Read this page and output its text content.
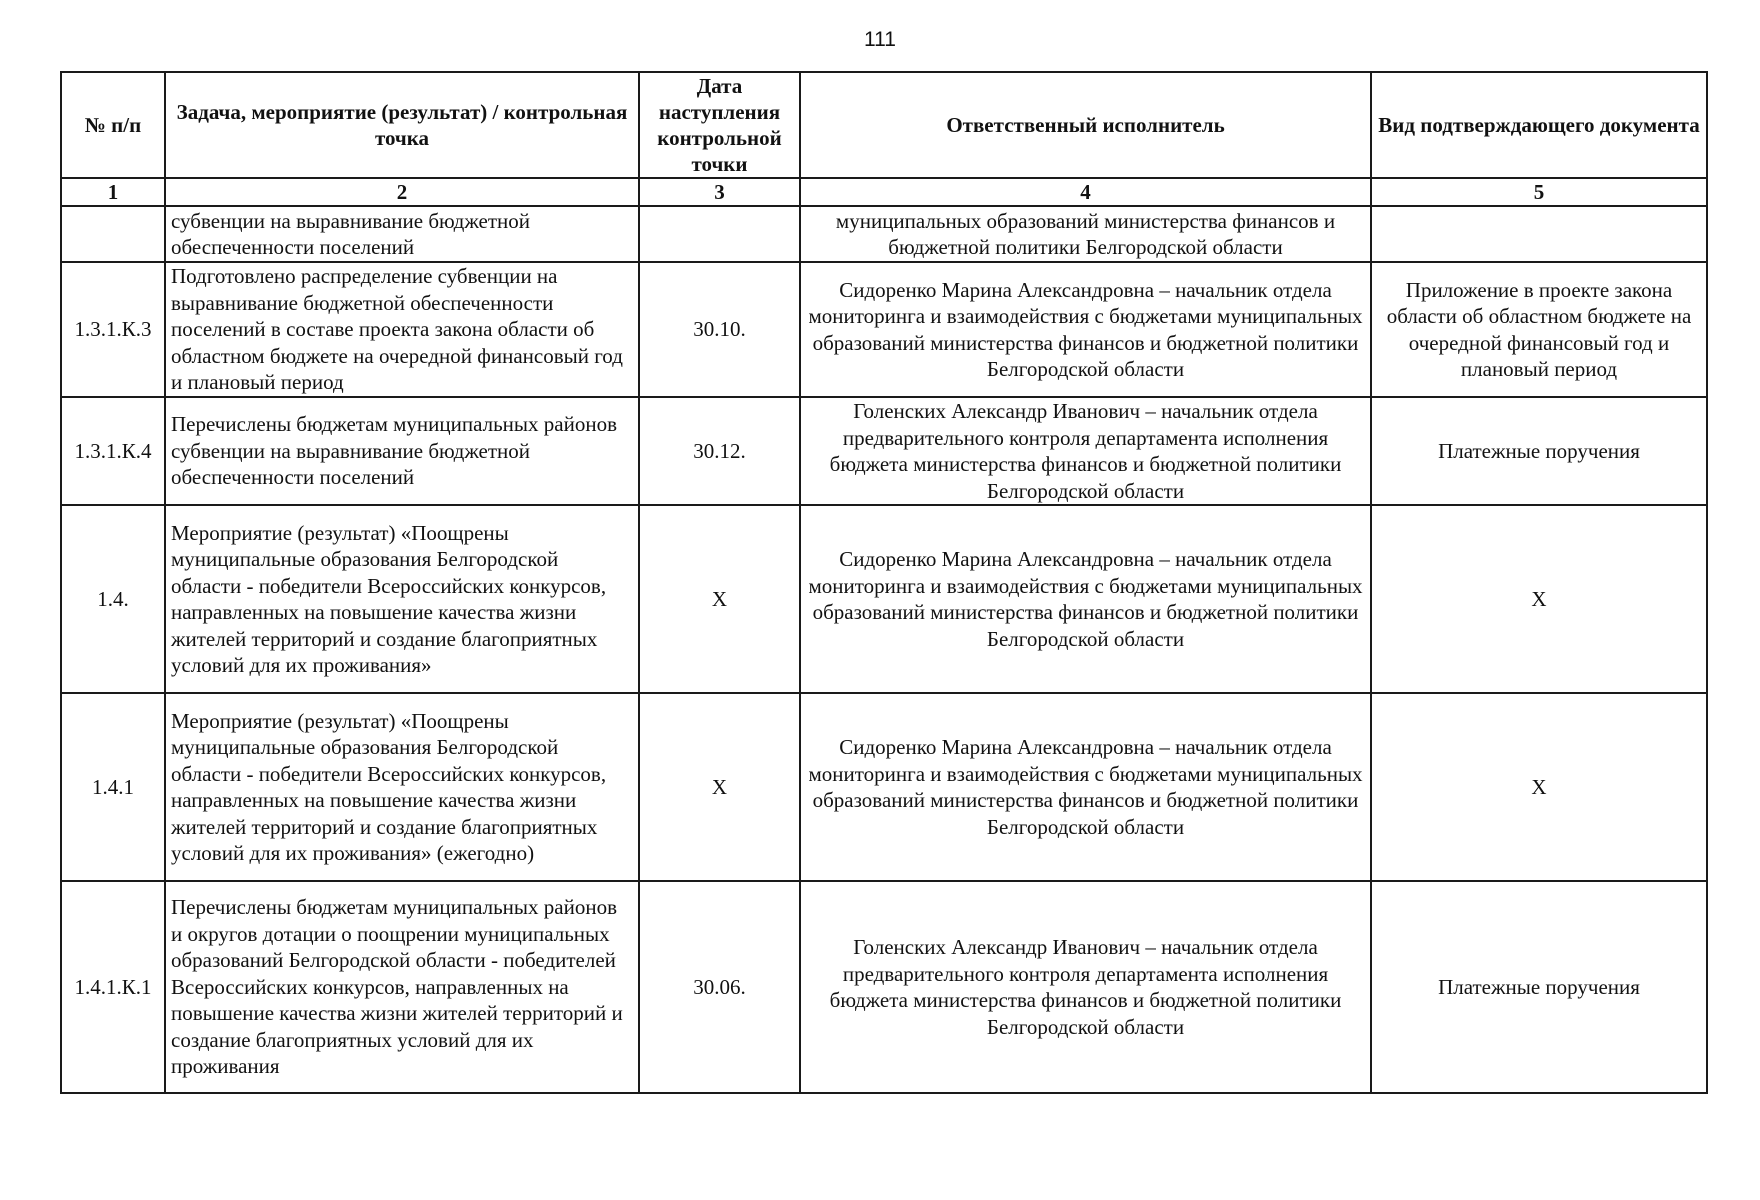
111
№ п/п	Задача, мероприятие (результат) / контрольная точка	Дата наступления контрольной точки	Ответственный исполнитель	Вид подтверждающего документа
1	2	3	4	5
	субвенции на выравнивание бюджетной обеспеченности поселений		муниципальных образований министерства финансов и бюджетной политики Белгородской области	
1.3.1.К.3	Подготовлено распределение субвенции на выравнивание бюджетной обеспеченности поселений в составе проекта закона области об областном бюджете на очередной финансовый год и плановый период	30.10.	Сидоренко Марина Александровна – начальник отдела мониторинга и взаимодействия с бюджетами муниципальных образований министерства финансов и бюджетной политики Белгородской области	Приложение в проекте закона области об областном бюджете на очередной финансовый год и плановый период
1.3.1.К.4	Перечислены бюджетам муниципальных районов субвенции на выравнивание бюджетной обеспеченности поселений	30.12.	Голенских Александр Иванович – начальник отдела предварительного контроля департамента исполнения бюджета министерства финансов и бюджетной политики Белгородской области	Платежные поручения
1.4.	Мероприятие (результат) «Поощрены муниципальные образования Белгородской области - победители Всероссийских конкурсов, направленных на повышение качества жизни жителей территорий и создание благоприятных условий для их проживания»	Х	Сидоренко Марина Александровна – начальник отдела мониторинга и взаимодействия с бюджетами муниципальных образований министерства финансов и бюджетной политики Белгородской области	Х
1.4.1	Мероприятие (результат) «Поощрены муниципальные образования Белгородской области - победители Всероссийских конкурсов, направленных на повышение качества жизни жителей территорий и создание благоприятных условий для их проживания» (ежегодно)	Х	Сидоренко Марина Александровна – начальник отдела мониторинга и взаимодействия с бюджетами муниципальных образований министерства финансов и бюджетной политики Белгородской области	Х
1.4.1.К.1	Перечислены бюджетам муниципальных районов и округов дотации о поощрении муниципальных образований Белгородской области - победителей Всероссийских конкурсов, направленных на повышение качества жизни жителей территорий и создание благоприятных условий для их проживания	30.06.	Голенских Александр Иванович – начальник отдела предварительного контроля департамента исполнения бюджета министерства финансов и бюджетной политики Белгородской области	Платежные поручения
